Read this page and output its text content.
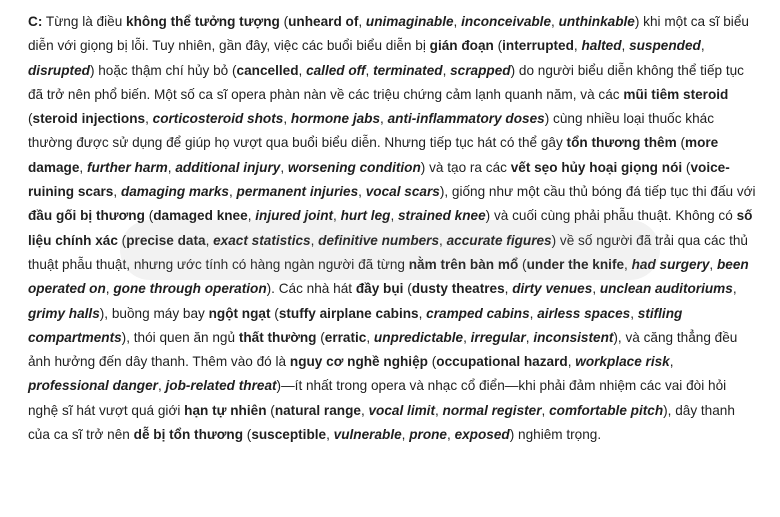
C: Từng là điều không thể tưởng tượng (unheard of, unimaginable, inconceivable, unthinkable) khi một ca sĩ biểu diễn với giọng bị lỗi. Tuy nhiên, gần đây, việc các buổi biểu diễn bị gián đoạn (interrupted, halted, suspended, disrupted) hoặc thậm chí hủy bỏ (cancelled, called off, terminated, scrapped) do người biểu diễn không thể tiếp tục đã trở nên phổ biến. Một số ca sĩ opera phàn nàn về các triệu chứng cảm lạnh quanh năm, và các mũi tiêm steroid (steroid injections, corticosteroid shots, hormone jabs, anti-inflammatory doses) cùng nhiều loại thuốc khác thường được sử dụng để giúp họ vượt qua buổi biểu diễn. Nhưng tiếp tục hát có thể gây tổn thương thêm (more damage, further harm, additional injury, worsening condition) và tạo ra các vết sẹo hủy hoại giọng nói (voice-ruining scars, damaging marks, permanent injuries, vocal scars), giống như một cầu thủ bóng đá tiếp tục thi đấu với đầu gối bị thương (damaged knee, injured joint, hurt leg, strained knee) và cuối cùng phải phẫu thuật. Không có số liệu chính xác (precise data, exact statistics, definitive numbers, accurate figures) về số người đã trải qua các thủ thuật phẫu thuật, nhưng ước tính có hàng ngàn người đã từng nằm trên bàn mổ (under the knife, had surgery, been operated on, gone through operation). Các nhà hát đầy bụi (dusty theatres, dirty venues, unclean auditoriums, grimy halls), buồng máy bay ngột ngạt (stuffy airplane cabins, cramped cabins, airless spaces, stifling compartments), thói quen ăn ngủ thất thường (erratic, unpredictable, irregular, inconsistent), và căng thẳng đều ảnh hưởng đến dây thanh. Thêm vào đó là nguy cơ nghề nghiệp (occupational hazard, workplace risk, professional danger, job-related threat)—ít nhất trong opera và nhạc cổ điển—khi phải đảm nhiệm các vai đòi hỏi nghệ sĩ hát vượt quá giới hạn tự nhiên (natural range, vocal limit, normal register, comfortable pitch), dây thanh của ca sĩ trở nên dễ bị tổn thương (susceptible, vulnerable, prone, exposed) nghiêm trọng.
